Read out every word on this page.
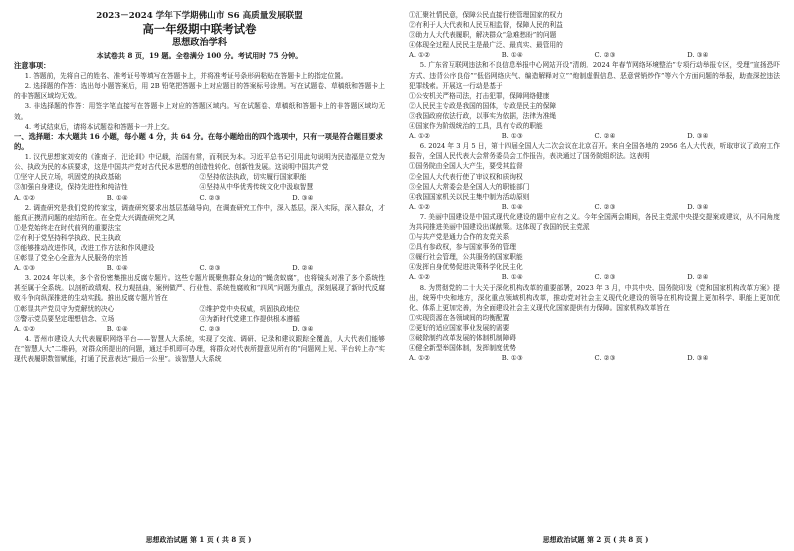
2023－2024 学年下学期佛山市 S6 高质量发展联盟
高一年级期中联考试卷
思想政治学科
本试卷共 8 页，19 题。全卷满分 100 分。考试用时 75 分钟。
注意事项：
1. 答题前，先将自己的姓名、准考证号等填写在答题卡上，并将准考证号条形码粘贴在答题卡上的指定位置。
2. 选择题的作答：选出每小题答案后，用 2B 铅笔把答题卡上对应题目的答案标号涂黑。写在试题卷、草稿纸和答题卡上的非答题区域均无效。
3. 非选择题的作答：用签字笔直接写在答题卡上对应的答题区域内。写在试题卷、草稿纸和答题卡上的非答题区域均无效。
4. 考试结束后，请将本试题卷和答题卡一并上交。
一、选择题：本大题共 16 小题，每小题 4 分，共 64 分。在每小题给出的四个选项中，只有一项是符合题目要求的。
1. 汉代思想家刘安的《淮南子．汜论训》中记载，治国有常，而利民为本。习近平总书记引用此句说明为民造福是立党为公、执政为民的本质要求，这是中国共产党对古代民本思想的创造性转化、创新性发展。这说明中国共产党
①坚守人民立场，巩固党的执政基础	②坚持依法执政，切实履行国家职能
③加强自身建设，保持先进性和纯洁性	④坚持从中华优秀传统文化中汲取智慧
A. ①②	B. ①④	C. ②③	D. ③④
2. 调查研究是我们党的传家宝，调查研究要求出基层基础导向，在调查研究工作中，深入基层，深入实际，深入群众，才能真正摸清问题的症结所在。在全党大兴调查研究之风
①是党始终走在时代前列的重要法宝
②有利于党坚持科学执政、民主执政
③能够推动改进作风，改进工作方法和作风建设
④彰显了党全心全意为人民服务的宗旨
A. ①③	B. ①④	C. ②③	D. ②④
3. 2024 年以来，多个省份密集推出反腐专题片。这些专题片既聚焦群众身边的“蝇贪蚁腐”，也将镜头对准了多个系统性甚至属于全系统。以剖析政绩观、权力观扭曲，案例做严、行业性、系统性腐败和“四风”问题为重点，深刻展现了新时代反腐败斗争向纵深推进的生动实践。推出反腐专题片旨在
①彰显共产党员守为党解忧的决心	②维护党中央权威，巩固执政地位
③警示党员要坚定理想信念、立场	④为新时代党建工作提供根本遵循
A. ①②	B. ①④	C. ②③	D. ③④
4. 晋州市建设人大代表履职网络平台——智慧人大系统，实现了交流、调研、记录和建议跟踪全覆盖，人大代表们能够在“智慧人大”二维码，对群众所提出的问题，通过手机即可办理，将群众对代表所提意见所有的“问题网上见、平台转上办”实现代表履职数智赋能，打通了民意表达“最后一公里”。该智慧人大系统
思想政治试题 第 1 页 ( 共 8 页 )
①汇聚社情民意，保障公民直接行使管理国家的权力
②有利于人大代表和人民互相监督，保障人民的利益
③助力人大代表履职，解决群众“急难愁盼”的问题
④体现全过程人民民主是最广泛、最真实、最管用的
A. ①②	B. ①④	C. ②③	D. ③④
5. 广东省互联网违法和不良信息举报中心网站开设“清朗．2024 年春节网络环境整治”专项行动举报专区，受理“宣扬恐吓方式、违背公序良俗”“低俗网络庆气、编造解释对立”“炮制虚假信息、恶意营销炒作”等六个方面问题的举报，助查深挖违法犯罪线索。开展这一行动是基于
①公安机关严格司法，打击犯罪，保障网络健康
②人民民主专政是我国的国体，专政是民主的保障
③我国政府依法行政，以事实为依据，法律为准绳
④国家作为阶级统治的工具，具有专政的职能
A. ①②	B. ①③	C. ②④	D. ③④
6. 2024 年 3 月 5 日，第十四届全国人大二次会议在北京召开。来自全国各地的 2956 名人大代表，听取审议了政府工作报告，全国人民代表大会常务委员会工作报告，表决通过了国务院组织法。这表明
①国务院由全国人大产生，要受其监督
②全国人大代表行使了审议权和质询权
③全国人大常委会是全国人大的职能部门
④我国国家机关以民主集中制为活动原则
A. ①②	B. ①④	C. ②③	D. ③④
7. 美丽中国建设是中国式现代化建设的题中应有之义。今年全国两会期间，各民主党派中央提交提案或建议，从不同角度为共同推进美丽中国建设出谋献策。这体现了我国的民主党派
①与共产党是通力合作的友党关系
②具有参政权，参与国家事务的管理
③履行社会管理，公共服务的国家职能
④发挥自身优势促进决策科学化民主化
A. ①②	B. ①④	C. ②③	D. ②④
8. 为贯彻党的二十大关于深化机构改革的重要部署，2023 年 3 月，中共中央、国务院印发《党和国家机构改革方案》提出，统筹中央和地方，深化重点领域机构改革，推动党对社会主义现代化建设的领导在机构设置上更加科学、职能上更加优化、体系上更加完善，为全面建设社会主义现代化国家提供有力保障。国家机构改革旨在
①实现资源在各领域间的均衡配置
②更好的适应国家事业发展的需要
③破除制约改革发展的体制机制障碍
④健全新型举国体制，发挥制度优势
A. ①②	B. ①③	C. ②③	D. ③④
思想政治试题 第 2 页 ( 共 8 页 )
